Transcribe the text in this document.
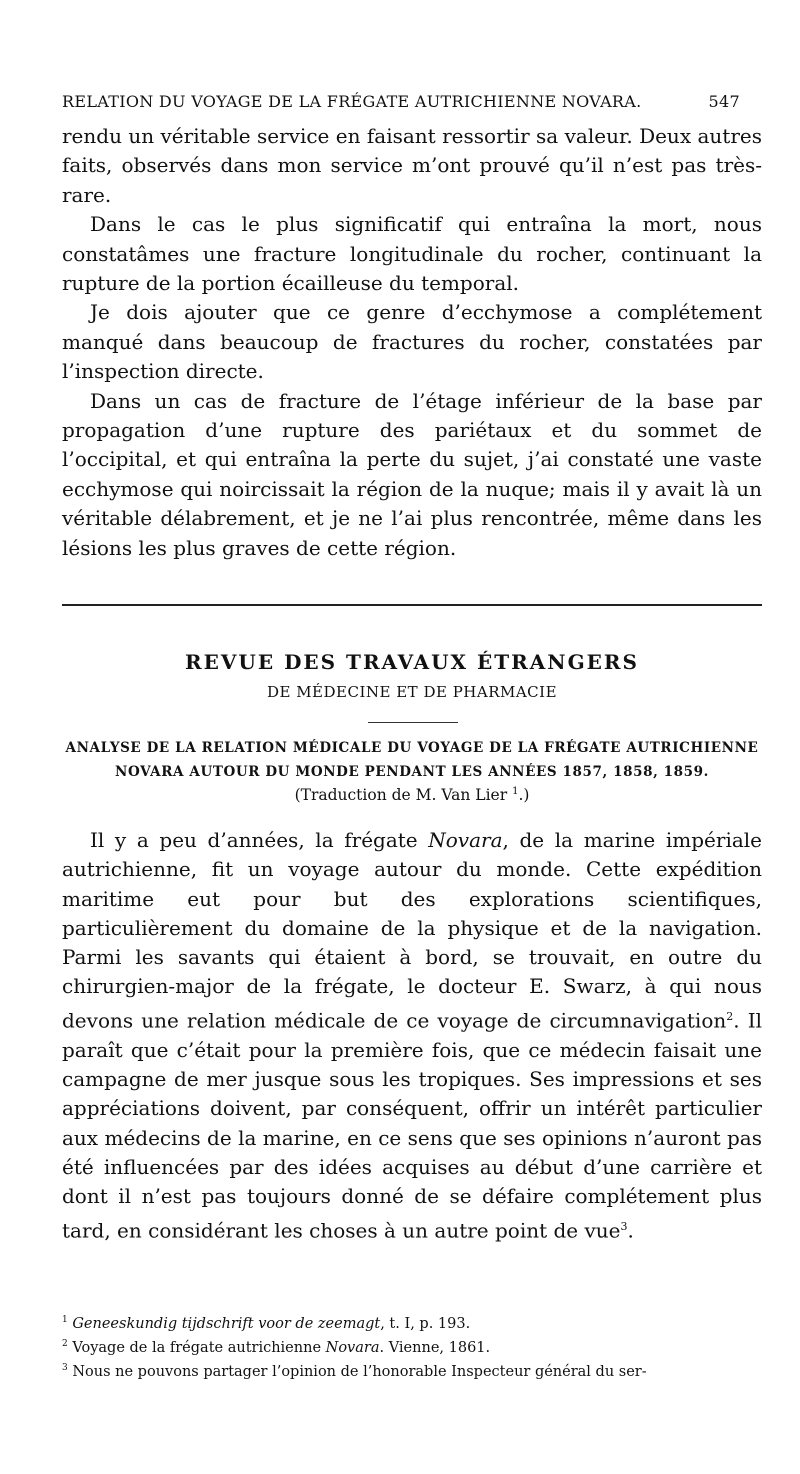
RELATION DU VOYAGE DE LA FRÉGATE AUTRICHIENNE NOVARA.	547

rendu un véritable service en faisant ressortir sa valeur. Deux autres faits, observés dans mon service m’ont prouvé qu’il n’est pas très-rare.

Dans le cas le plus significatif qui entraîna la mort, nous constatâmes une fracture longitudinale du rocher, continuant la rupture de la portion écailleuse du temporal.

Je dois ajouter que ce genre d’ecchymose a complétement manqué dans beaucoup de fractures du rocher, constatées par l’inspection directe.

Dans un cas de fracture de l’étage inférieur de la base par propagation d’une rupture des pariétaux et du sommet de l’occipital, et qui entraîna la perte du sujet, j’ai constaté une vaste ecchymose qui noircissait la région de la nuque; mais il y avait là un véritable délabrement, et je ne l’ai plus rencontrée, même dans les lésions les plus graves de cette région.

REVUE DES TRAVAUX ÉTRANGERS
DE MÉDECINE ET DE PHARMACIE
ANALYSE DE LA RELATION MÉDICALE DU VOYAGE DE LA FRÉGATE AUTRICHIENNE
NOVARA AUTOUR DU MONDE PENDANT LES ANNÉES 1857, 1858, 1859.
(Traduction de M. Van Lier $^1$.)

Il y a peu d’années, la frégate Novara, de la marine impériale autrichienne, fit un voyage autour du monde. Cette expédition maritime eut pour but des explorations scientifiques, particulièrement du domaine de la physique et de la navigation. Parmi les savants qui étaient à bord, se trouvait, en outre du chirurgien-major de la frégate, le docteur E. Swarz, à qui nous devons une relation médicale de ce voyage de circumnavigation$^2$. Il paraît que c’était pour la première fois, que ce médecin faisait une campagne de mer jusque sous les tropiques. Ses impressions et ses appréciations doivent, par conséquent, offrir un intérêt particulier aux médecins de la marine, en ce sens que ses opinions n’auront pas été influencées par des idées acquises au début d’une carrière et dont il n’est pas toujours donné de se défaire complétement plus tard, en considérant les choses à un autre point de vue$^3$.

$^1$ Geneeskundig tijdschrift voor de zeemagt, t. I, p. 193.
$^2$ Voyage de la frégate autrichienne Novara. Vienne, 1861.
$^3$ Nous ne pouvons partager l’opinion de l’honorable Inspecteur général du ser-
